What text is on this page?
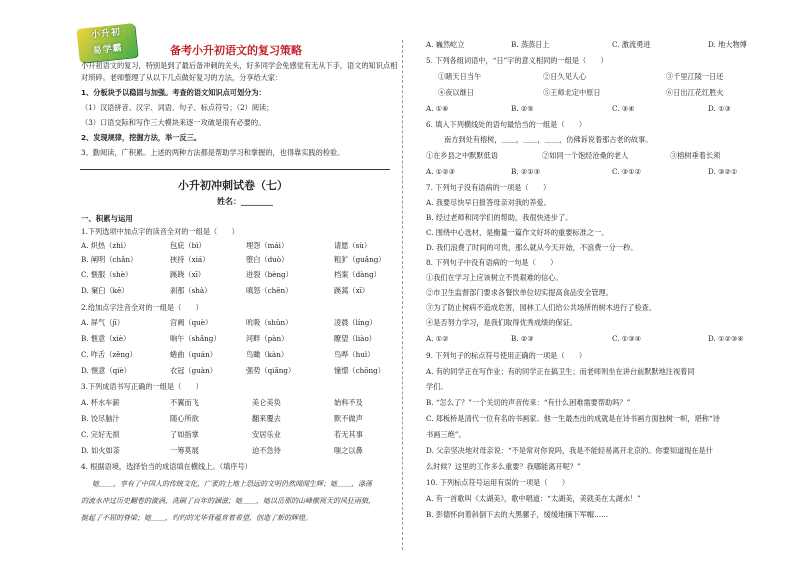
小升初
易学霸	备考小升初语文的复习策略
小升初语文的复习，特别是到了最后备冲刺的关头，好多同学会免感觉有无从下手，语文的知识点相
对琐碎。老师整理了从以下几点做好复习的方法，分享给大家：
1、分板块予以稳固与加强。考查的语文知识点可划分为：
（1）汉语拼音、汉字、词语、句子、标点符号；（2）阅读；
（3）口语交际和写作三大模块来逐一攻破是很有必要的。
2、发现规律，挖掘方法，举一反三。
3、勤阅读，广积累。上述的两种方法都是帮助学习和掌握的，也得靠实践的检验。
小升初冲刺试卷（七）
姓名：________
一、积累与运用
1.下列选项中加点字的读音全对的一组是（　　）
A. 炽热（zhì）	包庇（bì）	埋怨（mái）	请愿（sù）
B. 阐明（chǎn）	挟持（xiá）	堕白（duò）	粗犷（guǎng）
C. 惬服（shè）	蹊跷（xī）	迸裂（bèng）	档案（dàng）
D. 窠臼（kē）	刹那（shà）	嗔怒（chēn）	蹊蒿（xī）
2.给加点字注音全对的一组是（　　）
A. 屏气（jī）	宫阙（què）	吮吸（shǔn）	凌晨（líng）
B. 惬意（xiè）	晌午（shǎng）	河畔（pàn）	瞭望（liào）
C. 咋舌（zěng）	蜷曲（quán）	鸟瞰（kàn）	鸟哗（huì）
D. 惬意（qiè）	衣冠（guàn）	强势（qiǎng）	憧憬（chōng）
3.下列成语书写正确的一组是（　　）
A. 杯水车薪	不翼而飞	美仑美奂	始料不及
B. 饺尽脑汁	随心所欲	翻来覆去	默不做声
C. 完好无损	了如指掌	安居乐业	若无其事
D. 如火如荼	一筹莫展	迫不急待	嗤之以鼻
4. 根据语境，选择恰当的成语填在横线上。（填序号）
她＿＿，享有了中国人的传统文化，广袤的土地上恐远的文明仍然闻闻生辉；她＿＿，涤荡
的流水冲过历史翻卷的漩涡，洗刷了百年的溷滋；她＿＿，她以岳那的山峰傲视天的风狂雨狼，
挺起了不屈的脊梁；她＿＿，灼灼的光华背蕴育着希望，创造了新的辉煌。
A. 巍然屹立	B. 蒸蒸日上	C. 激流勇进	D. 地大物博
5. 下列各组词语中，“日”字的意义相同的一组是（　　）
①睹天日当午	②日久见人心	③千里江陵一日还
④夜以继日	⑤王师北定中原日	⑥日出江花红胜火
A. ①⑥	B. ②⑤	C. ③④	D. ①③
6. 填入下列横线处的语句最恰当的一组是（　　）
南方到处有榕树，＿＿，＿＿，＿＿，仿佛诉说着那古老的故事。
①在乡县之中默默低语	②如同一个饱经沧桑的老人	③榕树垂着长须
A. ①②③	B. ②①③	C. ③①②	D. ③②①
7. 下列句子没有语病的一项是（　　）
A. 我要尽快早日报答母亲对我的养爱。
B. 经过老师和同学们的帮助，我很快进步了。
C. 围绕中心选材，是衡量一篇作文好坏的重要标准之一。
D. 我们浪费了时间的可贵，那么就从今天开始，不浪费一分一秒。
8. 下列句子中没有语病的一句是（　　）
①我们在学习上应该树立不畏艰难的信心。
②市卫生监督部门要求各餐饮单位切实提高食品安全管理。
③为了防止树病不造成危害，园林工人们给公共场所的树木进行了检查。
④是否努力学习，是我们取得优秀成绩的保证。
A. ①②	B. ②③	C. ①③④	D. ①②③④
9. 下列句子的标点符号使用正确的一项是（　　）
A. 有的同学正在写作业；有的同学正在搞卫生；而老师则坐在讲台前默默地注视着同
学们。
B. “怎么了？”一个关切的声音传来：“有什么困难需要帮助吗？”
C. 郑板桥是清代一位有名的书画家。他一生最杰出的成就是在诗书画方面独树一帜，堪称“诗
书画三绝”。
D. 父亲坚决地对母亲说：“不是常对你说吗，我是不能轻易离开北京的。你要知道现在是什
么时候？这里的工作多么重要？我哪能离开呢？”
10. 下列标点符号运用有误的一项是（　　）
A. 有一首歌叫《太湖美》，歌中唱道：“太湖美，美就美在太湖水！”
B. 彭德怀向着斜倒下去的大黑骡子，缓缓地摘下军帽……
